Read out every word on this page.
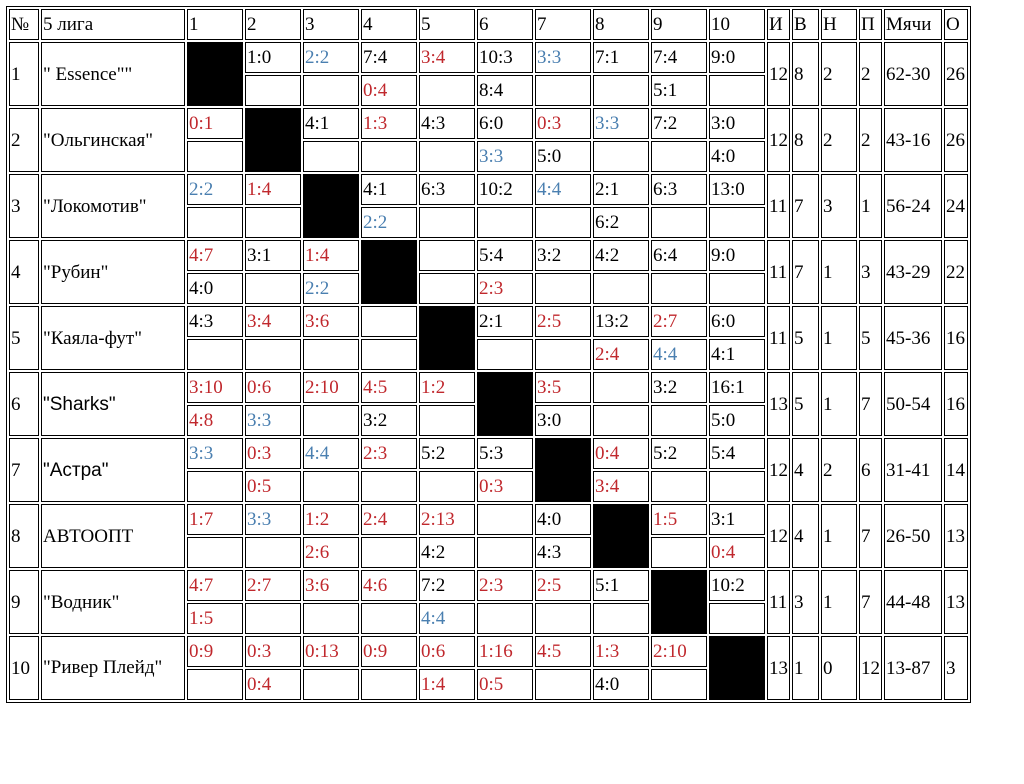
№	5 лига	1	2	3	4	5	6	7	8	9	10	И	В	Н	П	Мячи	О
1	" Essence""		1:0	2:2	7:4	3:4	10:3	3:3	7:1	7:4	9:0	12	8	2	2	62-30	26
					0:4		8:4			5:1							
2	"Ольгинская"	0:1		4:1	1:3	4:3	6:0	0:3	3:3	7:2	3:0	12	8	2	2	43-16	26
							3:3	5:0			4:0						
3	"Локомотив"	2:2	1:4		4:1	6:3	10:2	4:4	2:1	6:3	13:0	11	7	3	1	56-24	24
					2:2				6:2								
4	"Рубин"	4:7	3:1	1:4			5:4	3:2	4:2	6:4	9:0	11	7	1	3	43-29	22
		4:0		2:2			2:3										
5	"Каяла-фут"	4:3	3:4	3:6			2:1	2:5	13:2	2:7	6:0	11	5	1	5	45-36	16
									2:4	4:4	4:1						
6	"Sharks"	3:10	0:6	2:10	4:5	1:2		3:5		3:2	16:1	13	5	1	7	50-54	16
		4:8	3:3		3:2			3:0			5:0						
7	"Астра"	3:3	0:3	4:4	2:3	5:2	5:3		0:4	5:2	5:4	12	4	2	6	31-41	14
			0:5				0:3		3:4								
8	АВТООПТ	1:7	3:3	1:2	2:4	2:13		4:0		1:5	3:1	12	4	1	7	26-50	13
				2:6		4:2		4:3			0:4						
9	"Водник"	4:7	2:7	3:6	4:6	7:2	2:3	2:5	5:1		10:2	11	3	1	7	44-48	13
		1:5				4:4											
10	"Ривер Плейд"	0:9	0:3	0:13	0:9	0:6	1:16	4:5	1:3	2:10		13	1	0	12	13-87	3
			0:4			1:4	0:5		4:0								
